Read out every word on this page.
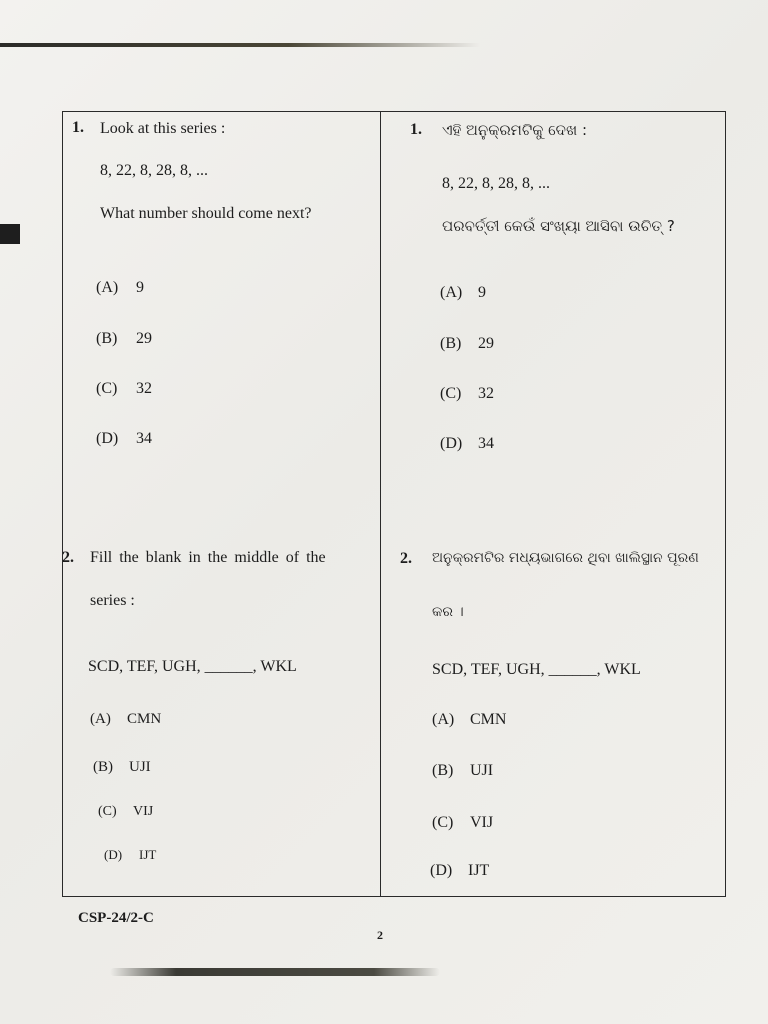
1. Look at this series :
8, 22, 8, 28, 8, ...
What number should come next?
(A) 9
(B) 29
(C) 32
(D) 34
1. ଏହି ଅନୁକ୍ରମଟିକୁ ଦେଖ :
8, 22, 8, 28, 8, ...
ପରବର୍ତ୍ତୀ କେଉଁ ସଂଖ୍ୟା ଆସିବା ଉଚିତ୍ ?
(A) 9
(B) 29
(C) 32
(D) 34
2. Fill the blank in the middle of the
series :
SCD, TEF, UGH, ______, WKL
(A) CMN
(B) UJI
(C) VIJ
(D) IJT
2. ଅନୁକ୍ରମଟିର ମଧ୍ୟଭାଗରେ ଥିବା ଖାଲିସ୍ଥାନ ପୂରଣ
କର ।
SCD, TEF, UGH, ______, WKL
(A) CMN
(B) UJI
(C) VIJ
(D) IJT
CSP-24/2-C
2
